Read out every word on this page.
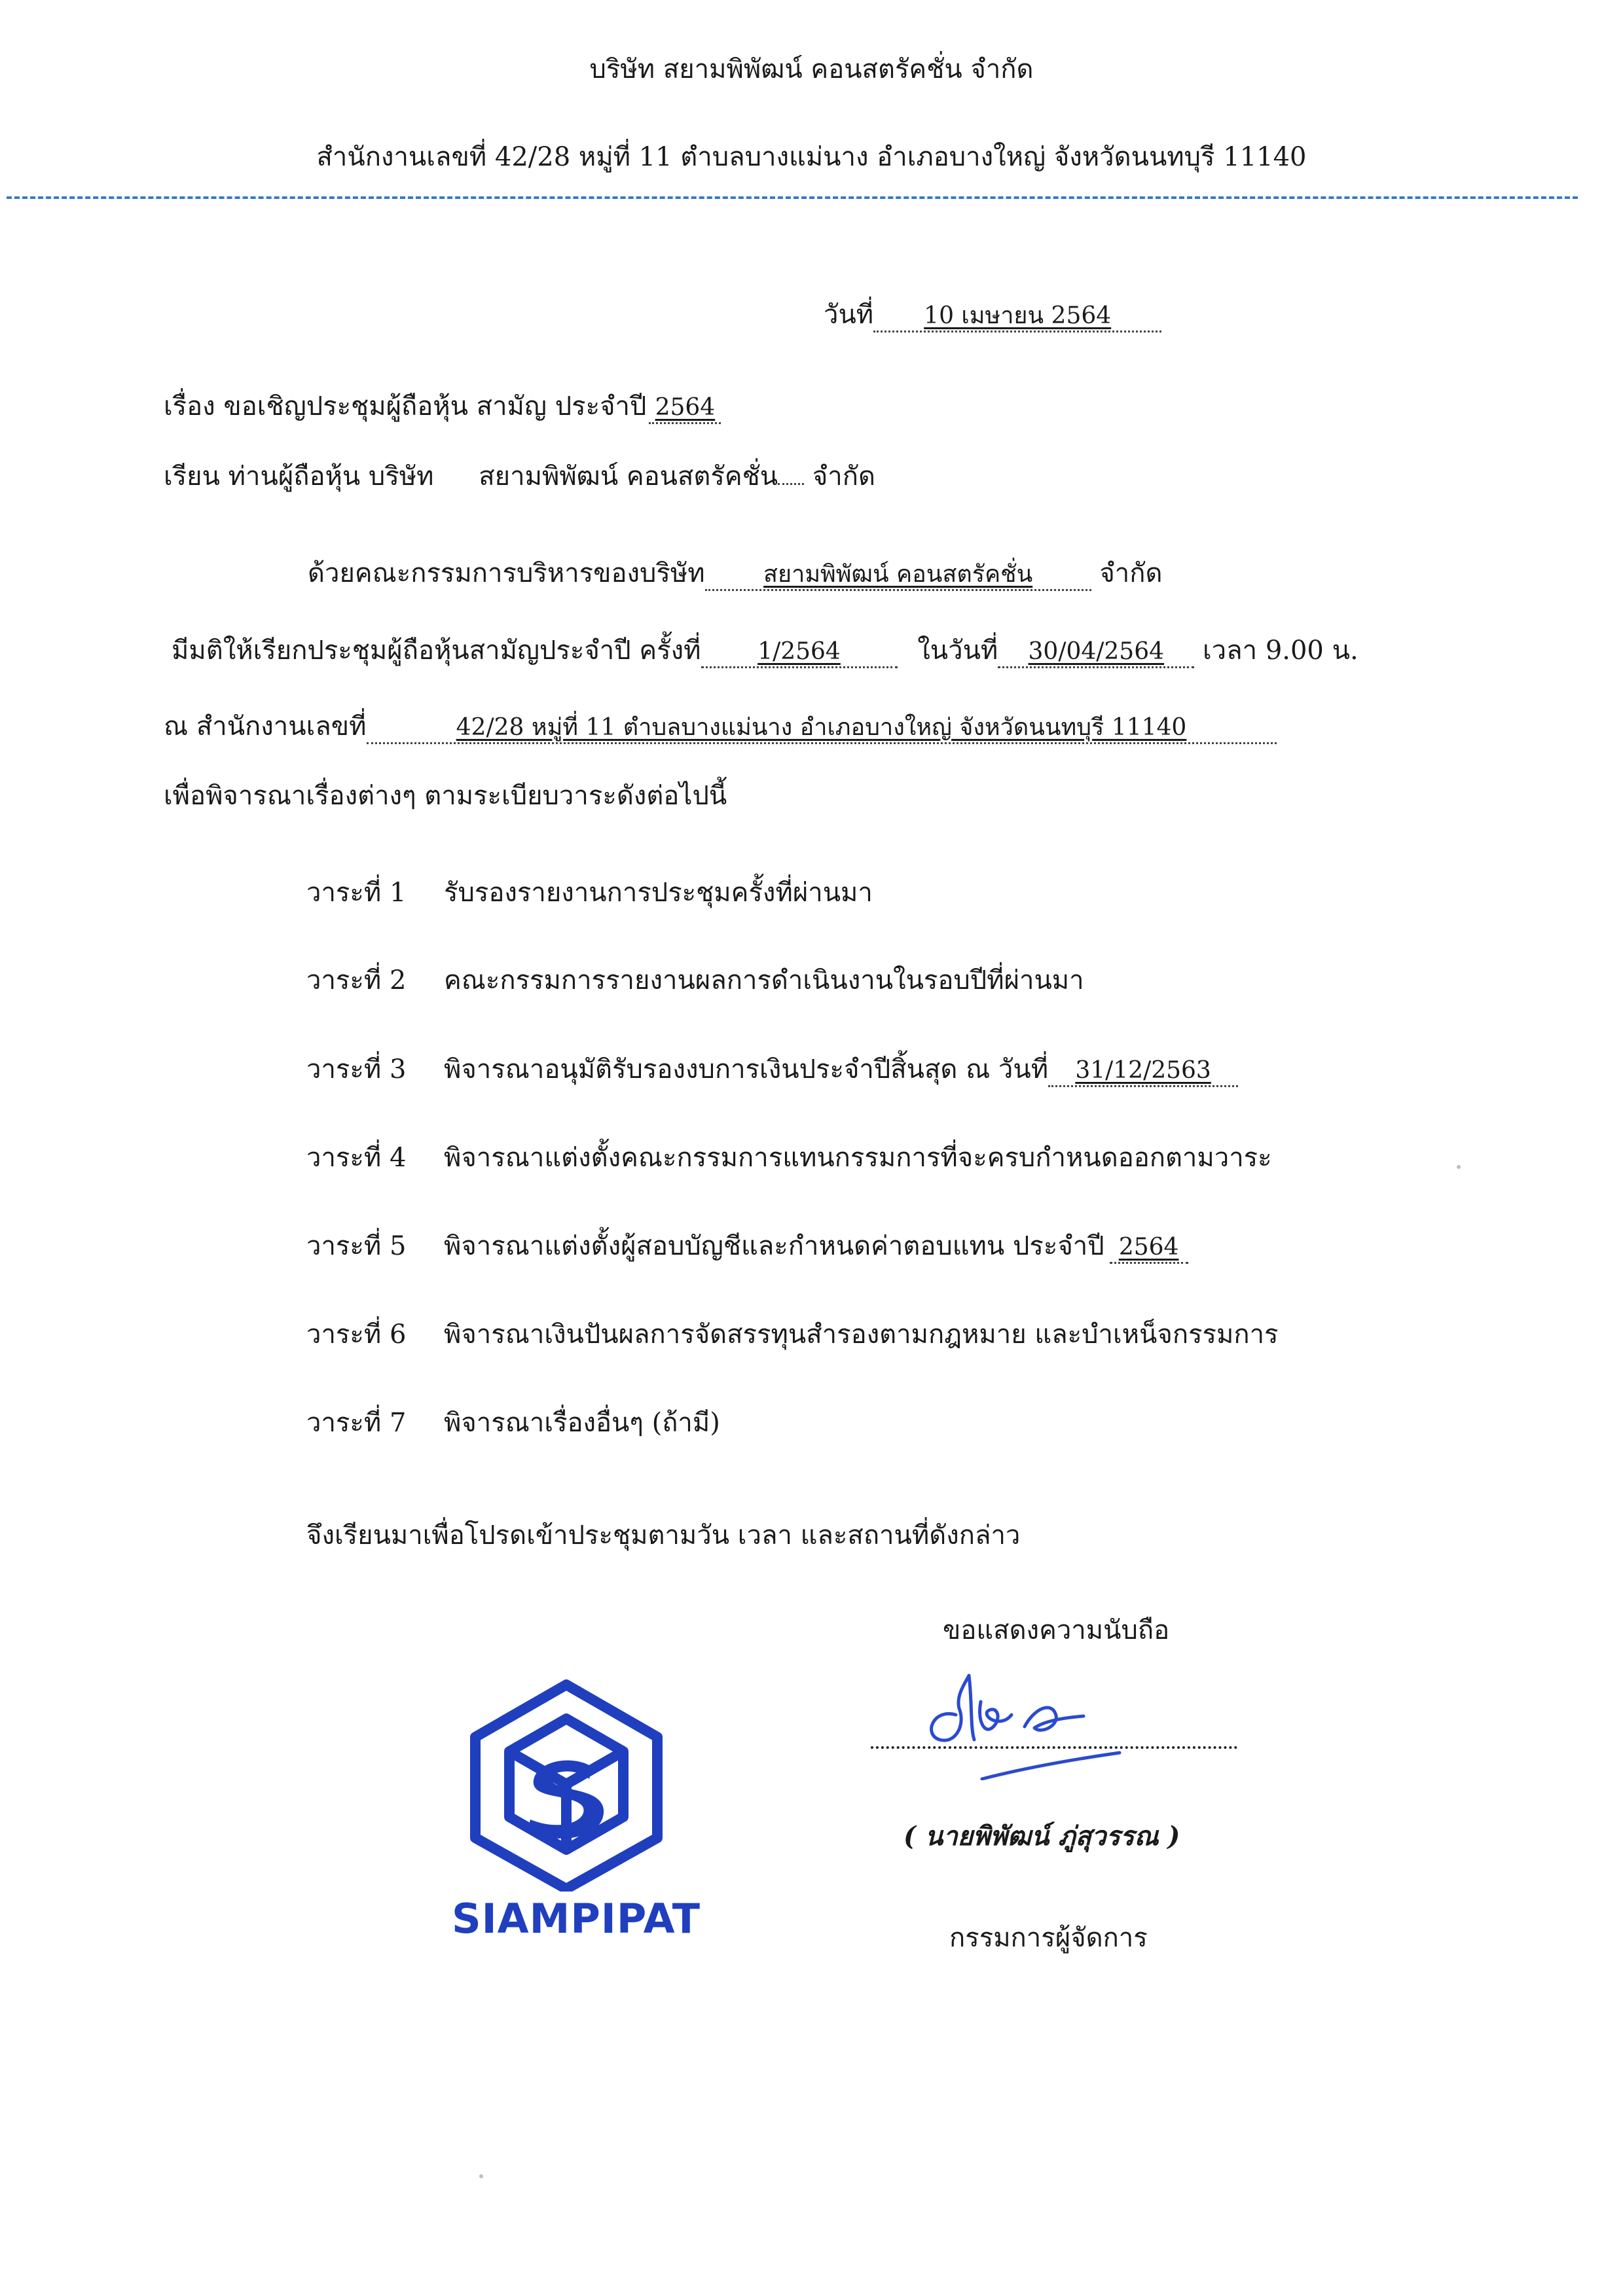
บริษัท สยามพิพัฒน์ คอนสตรัคชั่น จำกัด
สำนักงานเลขที่ 42/28 หมู่ที่ 11 ตำบลบางแม่นาง อำเภอบางใหญ่ จังหวัดนนทบุรี 11140
วันที่ 10 เมษายน 2564
เรื่อง ขอเชิญประชุมผู้ถือหุ้น สามัญ ประจำปี 2564
เรียน ท่านผู้ถือหุ้น บริษัท สยามพิพัฒน์ คอนสตรัคชั่น จำกัด
ด้วยคณะกรรมการบริหารของบริษัท สยามพิพัฒน์ คอนสตรัคชั่น	จำกัด
มีมติให้เรียกประชุมผู้ถือหุ้นสามัญประจำปี ครั้งที่ 1/2564	ในวันที่ 30/04/2564 เวลา 9.00 น.
ณ สำนักงานเลขที่	42/28 หมู่ที่ 11 ตำบลบางแม่นาง อำเภอบางใหญ่ จังหวัดนนทบุรี 11140
เพื่อพิจารณาเรื่องต่างๆ ตามระเบียบวาระดังต่อไปนี้
วาระที่ 1 รับรองรายงานการประชุมครั้งที่ผ่านมา
วาระที่ 2 คณะกรรมการรายงานผลการดำเนินงานในรอบปีที่ผ่านมา
วาระที่ 3 พิจารณาอนุมัติรับรองงบการเงินประจำปีสิ้นสุด ณ วันที่ 31/12/2563
วาระที่ 4 พิจารณาแต่งตั้งคณะกรรมการแทนกรรมการที่จะครบกำหนดออกตามวาระ
วาระที่ 5 พิจารณาแต่งตั้งผู้สอบบัญชีและกำหนดค่าตอบแทน ประจำปี 2564
วาระที่ 6 พิจารณาเงินปันผลการจัดสรรทุนสำรองตามกฎหมาย และบำเหน็จกรรมการ
วาระที่ 7 พิจารณาเรื่องอื่นๆ (ถ้ามี)
จึงเรียนมาเพื่อโปรดเข้าประชุมตามวัน เวลา และสถานที่ดังกล่าว
ขอแสดงความนับถือ
( นายพิพัฒน์ ภู่สุวรรณ )
กรรมการผู้จัดการ
SIAMPIPAT
